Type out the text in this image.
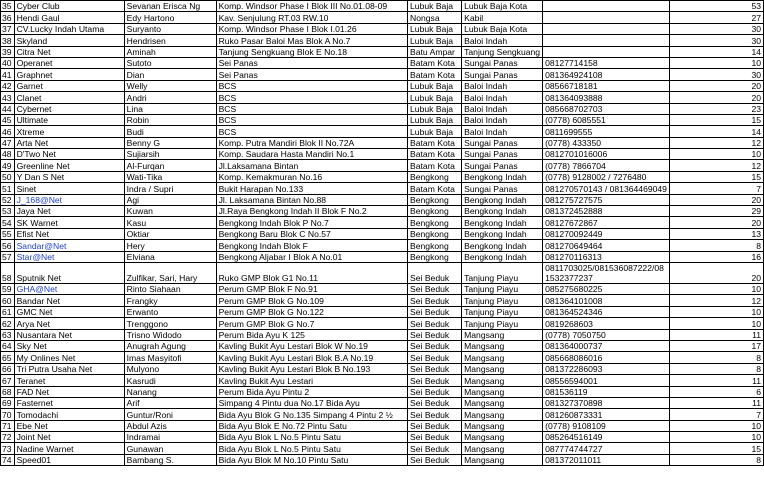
35	Cyber Club	Sevanan Erisca Ng	Komp. Windsor Phase I Blok III No.01.08-09	Lubuk Baja	Lubuk Baja Kota		53
36	Hendi Gaul	Edy Hartono	Kav. Senjulung RT.03 RW.10	Nongsa	Kabil		27
37	CV.Lucky Indah Utama	Suryanto	Komp. Windsor Phase I Blok I.01.26	Lubuk Baja	Lubuk Baja Kota		30
38	Skyland	Hendrisen	Ruko Pasar Baloi Mas Blok A No.7	Lubuk Baja	Baloi Indah		30
39	Citra Net	Aminah	Tanjung Sengkuang Blok E No.18	Batu Ampar	Tanjung Sengkuang		14
40	Operanet	Sutoto	Sei Panas	Batam Kota	Sungai Panas	08127714158	10
41	Graphnet	Dian	Sei Panas	Batam Kota	Sungai Panas	081364924108	30
42	Garnet	Welly	BCS	Lubuk Baja	Baloi Indah	08566718181	20
43	Clanet	Andri	BCS	Lubuk Baja	Baloi Indah	081364093888	20
44	Cybernet	Lina	BCS	Lubuk Baja	Baloi Indah	085668702703	23
45	Ultimate	Robin	BCS	Lubuk Baja	Baloi Indah	(0778) 6085551	15
46	Xtreme	Budi	BCS	Lubuk Baja	Baloi Indah	0811699555	14
47	Arta Net	Benny G	Komp. Putra Mandiri Blok II No.72A	Batam Kota	Sungai Panas	(0778) 433350	12
48	D'Two Net	Sujiarsih	Komp. Saudara Hasta Mandiri No.1	Batam Kota	Sungai Panas	0812701016006	10
49	Greenline Net	Al-Furqan	Jl.Laksamana Bintan	Batam Kota	Sungai Panas	(0778) 7866704	12
50	Y Dan S Net	Wati-Tika	Komp. Kemakmuran No.16	Bengkong	Bengkong Indah	(0778) 9128002 / 7276480	15
51	Sinet	Indra / Supri	Bukit Harapan No.133	Batam Kota	Sungai Panas	081270570143 / 081364469049	7
52	J_168@Net	Agi	Jl. Laksamana Bintan No.88	Bengkong	Bengkong Indah	081275727575	20
53	Jaya Net	Kuwan	Jl.Raya Bengkong Indah II Blok F No.2	Bengkong	Bengkong Indah	081372452888	29
54	SK Warnet	Kasu	Bengkong Indah Blok P No.7	Bengkong	Bengkong Indah	08127672867	20
55	Efist Net	Oktiar	Bengkong Baru Blok C No.57	Bengkong	Bengkong Indah	081270092449	13
56	Sandar@Net	Hery	Bengkong Indah Blok F	Bengkong	Bengkong Indah	081270649464	8
57	Star@Net	Elviana	Bengkong Aljabar I Blok A No.01	Bengkong	Bengkong Indah	081270116313	16
58	Sputnik Net	Zulfikar, Sari, Hary	Ruko GMP Blok G1 No.11	Sei Beduk	Tanjung Piayu	0811703025/081536087222/08 1532377237	20
59	GHA@Net	Rinto Siahaan	Perum GMP Blok F No.91	Sei Beduk	Tanjung Piayu	085275680225	10
60	Bandar Net	Frangky	Perum GMP Blok G No.109	Sei Beduk	Tanjung Piayu	081364101008	12
61	GMC Net	Erwanto	Perum GMP Blok G No.122	Sei Beduk	Tanjung Piayu	081364524346	10
62	Arya Net	Trenggono	Perum GMP Blok G No.7	Sei Beduk	Tanjung Piayu	0819268603	10
63	Nusantara Net	Trisno Widodo	Perum Bida Ayu K 125	Sei Beduk	Mangsang	(0778) 7050750	11
64	Sky Net	Anugrah Agung	Kavling Bukit Ayu Lestari Blok W No.19	Sei Beduk	Mangsang	081364000737	17
65	My Onlines Net	Imas Masyitofi	Kavling Bukit Ayu Lestari Blok B.A No.19	Sei Beduk	Mangsang	085668086016	8
66	Tri Putra Usaha Net	Mulyono	Kavling Bukit Ayu Lestari Blok B No.193	Sei Beduk	Mangsang	081372286093	8
67	Teranet	Kasrudi	Kavling Bukit Ayu Lestari	Sei Beduk	Mangsang	08556594001	11
68	FAD Net	Nanang	Perum Bida Ayu Pintu 2	Sei Beduk	Mangsang	081536119	6
69	Fasternet	Arif	Simpang 4 Pintu dua No.17 Bida Ayu	Sei Beduk	Mangsang	081327370898	11
70	Tomodachi	Guntur/Roni	Bida Ayu Blok G No.135 Simpang 4 Pintu 2 ½	Sei Beduk	Mangsang	081260873331	7
71	Ebe Net	Abdul Azis	Bida Ayu Blok E No.72 Pintu Satu	Sei Beduk	Mangsang	(0778) 9108109	10
72	Joint Net	Indramai	Bida Ayu Blok L No.5 Pintu Satu	Sei Beduk	Mangsang	085264516149	10
73	Nadine Warnet	Gunawan	Bida Ayu Blok L No.5 Pintu Satu	Sei Beduk	Mangsang	087774744727	15
74	Speed01	Bambang S.	Bida Ayu Blok M No.10 Pintu Satu	Sei Beduk	Mangsang	081372011011	8
